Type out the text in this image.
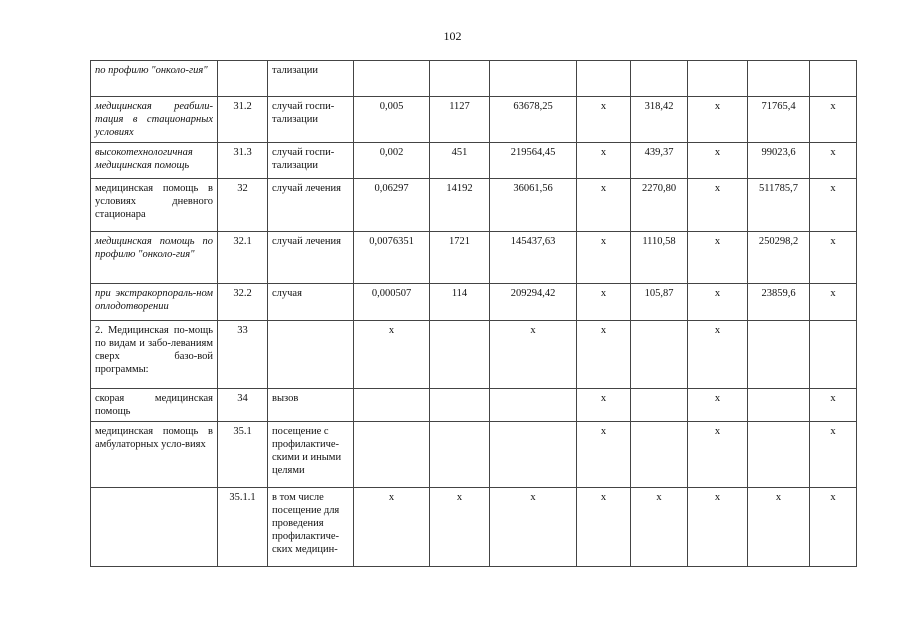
102
по профилю "онколо-гия"		тализации								
медицинская реабили-тация в стационарных условиях	31.2	случай госпи-тализации	0,005	1127	63678,25	х	318,42	х	71765,4	х
высокотехнологичная медицинская помощь	31.3	случай госпи-тализации	0,002	451	219564,45	х	439,37	х	99023,6	х
медицинская помощь в условиях дневного стационара	32	случай лечения	0,06297	14192	36061,56	х	2270,80	х	511785,7	х
медицинская помощь по профилю "онколо-гия"	32.1	случай лечения	0,0076351	1721	145437,63	х	1110,58	х	250298,2	х
при экстракорпораль-ном оплодотворении	32.2	случая	0,000507	114	209294,42	х	105,87	х	23859,6	х
2. Медицинская по-мощь по видам и забо-леваниям сверх базо-вой программы:	33		х		х	х		х		
скорая медицинская помощь	34	вызов				х		х		х
медицинская помощь в амбулаторных усло-виях	35.1	посещение с профилактиче-скими и иными целями				х		х		х
	35.1.1	в том числе посещение для проведения профилактиче-ских медицин-	х	х	х	х	х	х	х	х
